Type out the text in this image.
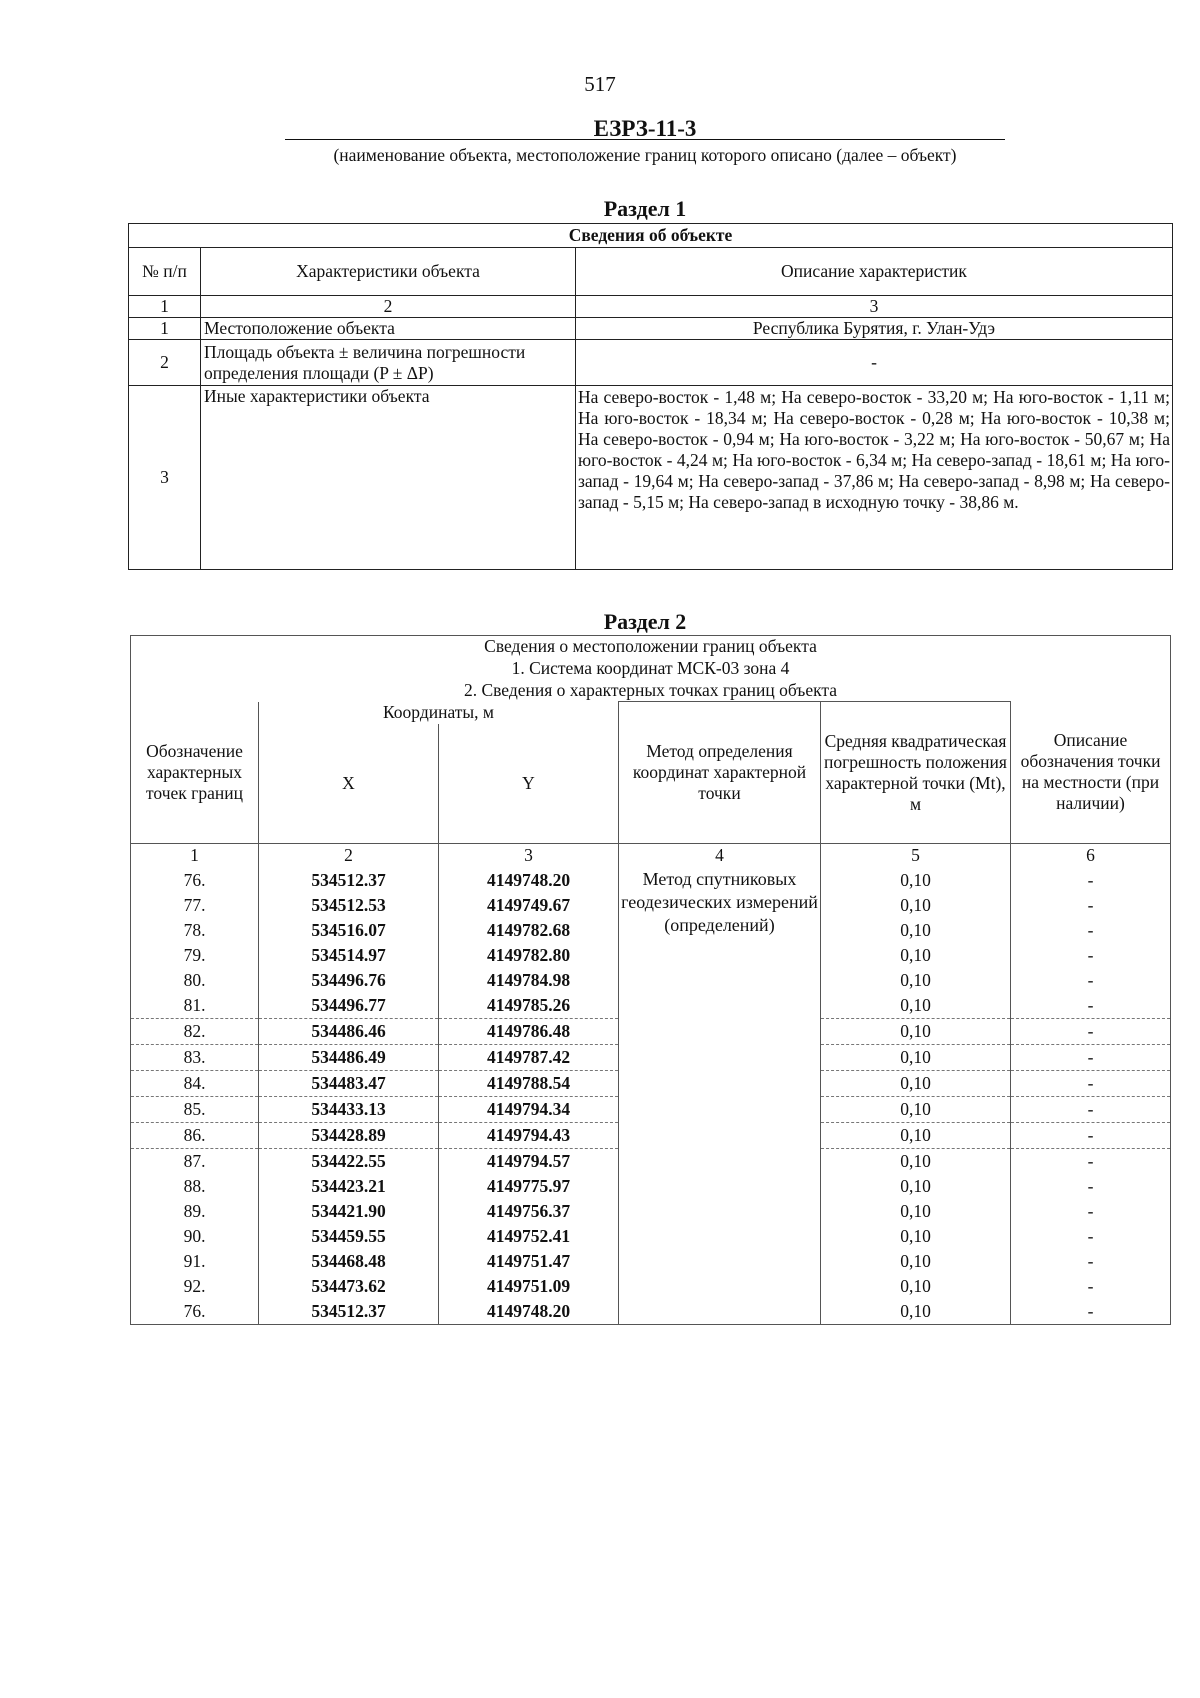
517
ЕЗРЗ-11-3
(наименование объекта, местоположение границ которого описано (далее – объект)
Раздел 1
Сведения об объекте		
№ п/п	Характеристики объекта	Описание характеристик
1	2	3
1	Местоположение объекта	Республика Бурятия, г. Улан-Удэ
2	Площадь объекта ± величина погрешности определения площади (P ± ΔP)	-
3	Иные характеристики объекта	На северо-восток - 1,48 м; На северо-восток - 33,20 м; На юго-восток - 1,11 м; На юго-восток - 18,34 м; На северо-восток - 0,28 м; На юго-восток - 10,38 м; На северо-восток - 0,94 м; На юго-восток - 3,22 м; На юго-восток - 50,67 м; На юго-восток - 4,24 м; На юго-восток - 6,34 м; На северо-запад - 18,61 м; На юго-запад - 19,64 м; На северо-запад - 37,86 м; На северо-запад - 8,98 м; На северо-запад - 5,15 м; На северо-запад в исходную точку - 38,86 м.
Раздел 2
Сведения о местоположении границ объекта					
1. Система координат МСК-03 зона 4					
2. Сведения о характерных точках границ объекта					
Обозначение характерных точек границ	Координаты, м		Метод определения координат характерной точки	Средняя квадратическая погрешность положения характерной точки (Mt), м	Описание обозначения точки на местности (при наличии)
	X	Y			
1	2	3	4	5	6
76.	534512.37	4149748.20	Метод спутниковых геодезических измерений (определений)	0,10	-
77.	534512.53	4149749.67		0,10	-
78.	534516.07	4149782.68		0,10	-
79.	534514.97	4149782.80		0,10	-
80.	534496.76	4149784.98		0,10	-
81.	534496.77	4149785.26		0,10	-
82.	534486.46	4149786.48		0,10	-
83.	534486.49	4149787.42		0,10	-
84.	534483.47	4149788.54		0,10	-
85.	534433.13	4149794.34		0,10	-
86.	534428.89	4149794.43		0,10	-
87.	534422.55	4149794.57		0,10	-
88.	534423.21	4149775.97		0,10	-
89.	534421.90	4149756.37		0,10	-
90.	534459.55	4149752.41		0,10	-
91.	534468.48	4149751.47		0,10	-
92.	534473.62	4149751.09		0,10	-
76.	534512.37	4149748.20		0,10	-
